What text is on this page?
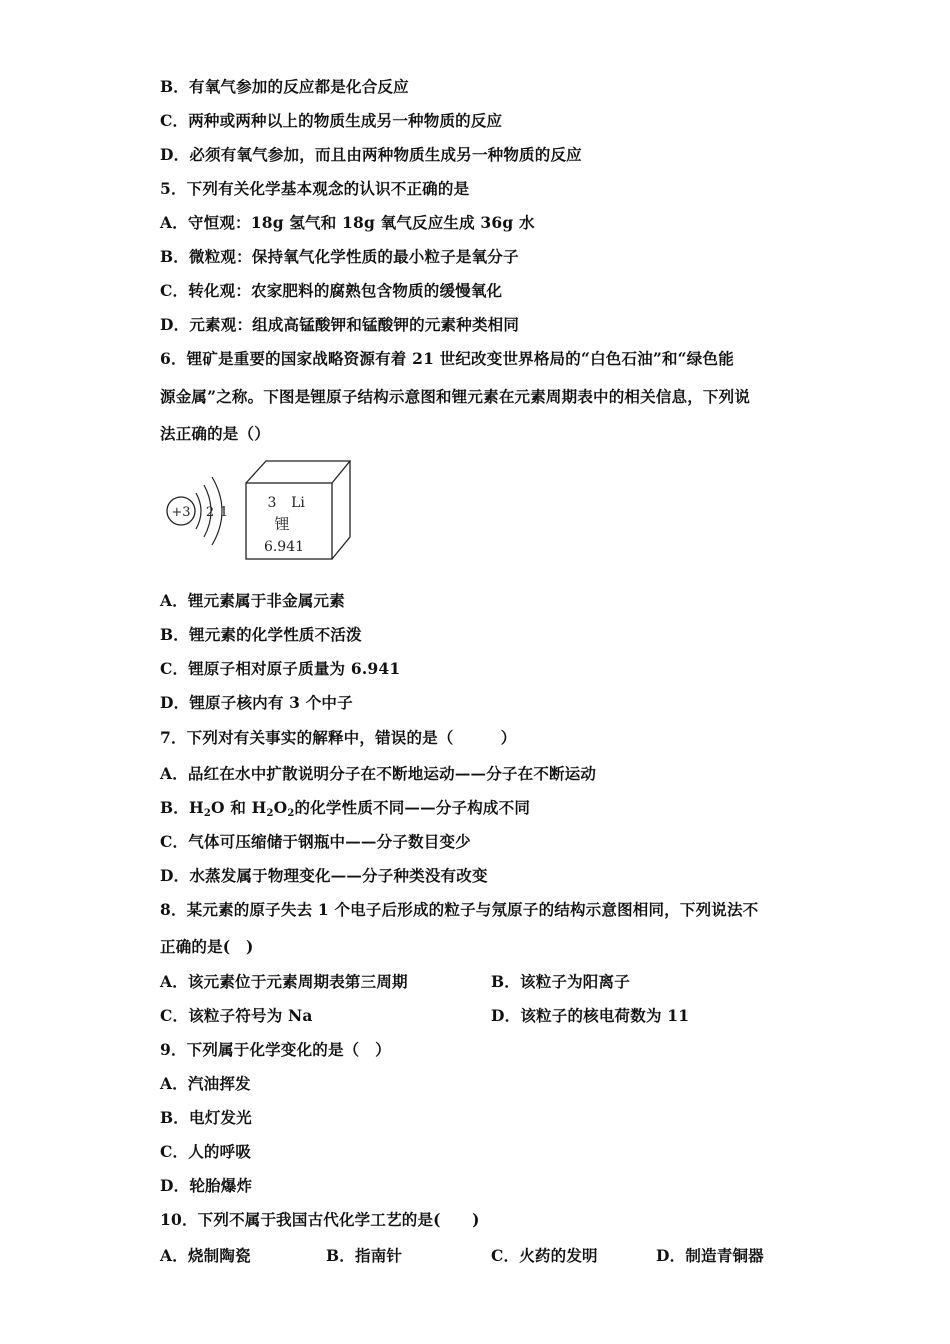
B．有氧气参加的反应都是化合反应
C．两种或两种以上的物质生成另一种物质的反应
D．必须有氧气参加，而且由两种物质生成另一种物质的反应
5．下列有关化学基本观念的认识不正确的是
A．守恒观：18g 氢气和 18g 氧气反应生成 36g 水
B．微粒观：保持氧气化学性质的最小粒子是氧分子
C．转化观：农家肥料的腐熟包含物质的缓慢氧化
D．元素观：组成高锰酸钾和锰酸钾的元素种类相同
6．锂矿是重要的国家战略资源有着 21 世纪改变世界格局的“白色石油”和“绿色能
源金属”之称。下图是锂原子结构示意图和锂元素在元素周期表中的相关信息，下列说
法正确的是（）
+3 2 1
3 Li
锂
6.941
A．锂元素属于非金属元素
B．锂元素的化学性质不活泼
C．锂原子相对原子质量为 6.941
D．锂原子核内有 3 个中子
7．下列对有关事实的解释中，错误的是（　　　）
A．品红在水中扩散说明分子在不断地运动——分子在不断运动
B．$H_2O$ 和 $H_2O_2$的化学性质不同——分子构成不同
C．气体可压缩储于钢瓶中——分子数目变少
D．水蒸发属于物理变化——分子种类没有改变
8．某元素的原子失去 1 个电子后形成的粒子与氖原子的结构示意图相同，下列说法不
正确的是(　)
A．该元素位于元素周期表第三周期	B．该粒子为阳离子
C．该粒子符号为 Na	D．该粒子的核电荷数为 11
9．下列属于化学变化的是（　）
A．汽油挥发
B．电灯发光
C．人的呼吸
D．轮胎爆炸
10．下列不属于我国古代化学工艺的是(　　)
A．烧制陶瓷	B．指南针	C．火药的发明	D．制造青铜器
